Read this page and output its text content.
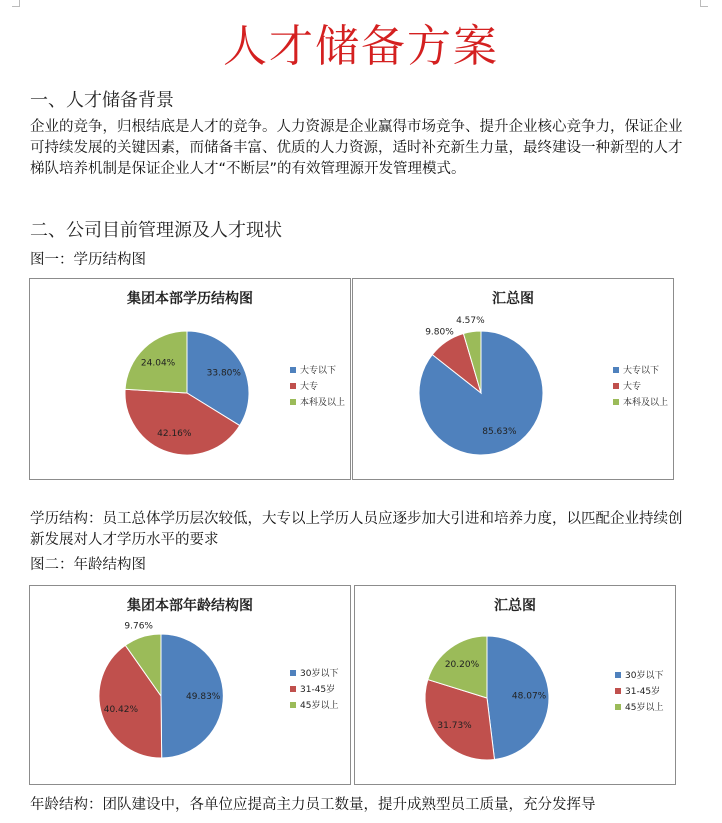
人才储备方案
一、人才储备背景
企业的竞争，归根结底是人才的竞争。人力资源是企业赢得市场竞争、提升企业核心竞争力，保证企业可持续发展的关键因素，而储备丰富、优质的人力资源，适时补充新生力量，最终建设一种新型的人才梯队培养机制是保证企业人才“不断层”的有效管理源开发管理模式。
二、公司目前管理源及人才现状
图一：学历结构图
集团本部学历结构图
33.80%
42.16%
24.04%
大专以下
大专
本科及以上
汇总图
85.63%
9.80%
4.57%
大专以下
大专
本科及以上
学历结构：员工总体学历层次较低，大专以上学历人员应逐步加大引进和培养力度，以匹配企业持续创新发展对人才学历水平的要求
图二：年龄结构图
集团本部年龄结构图
49.83%
40.42%
9.76%
30岁以下
31-45岁
45岁以上
汇总图
48.07%
31.73%
20.20%
30岁以下
31-45岁
45岁以上
年龄结构：团队建设中，各单位应提高主力员工数量，提升成熟型员工质量，充分发挥导
